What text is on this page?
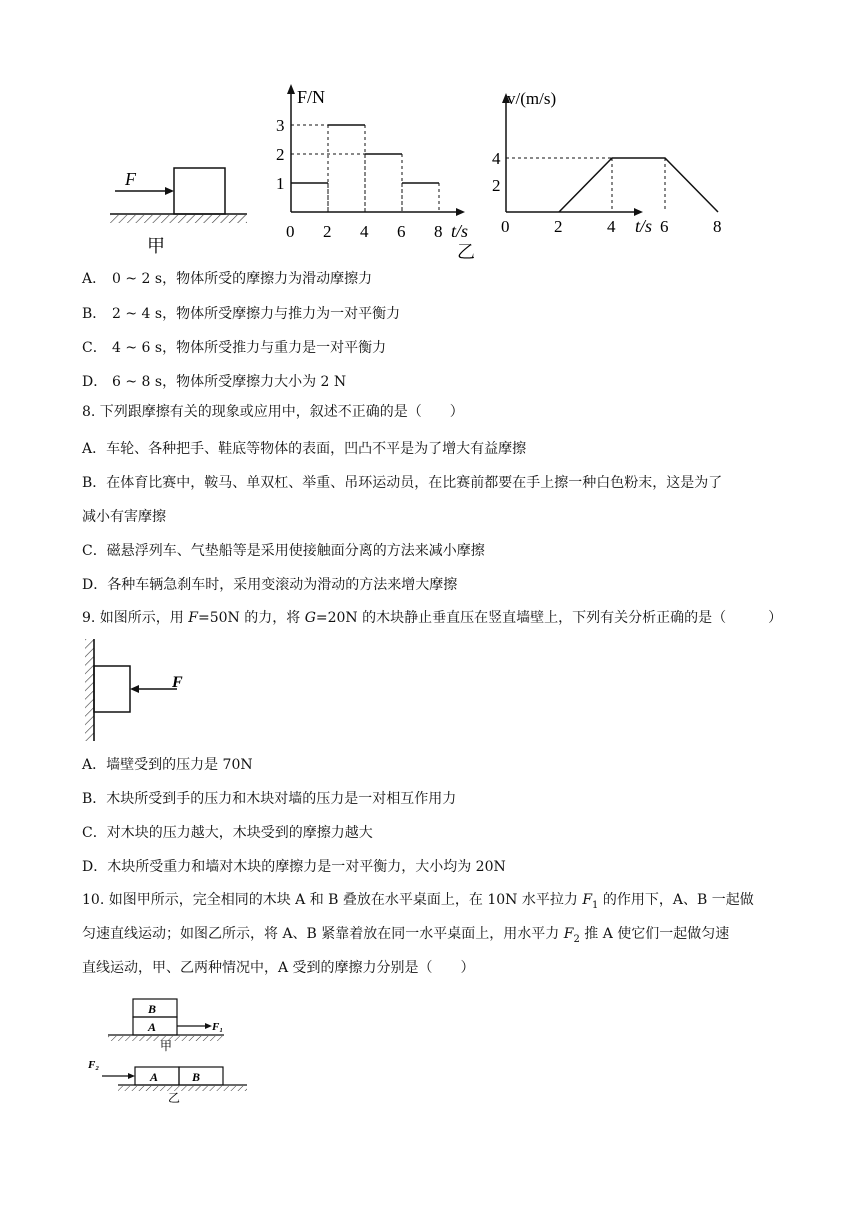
F
甲
1
2
3
0 2 4 6 8
F/N
t/s
乙
2
4
0	2	4	6	8
v/(m/s)
t/s
A． 0 ~ 2 s，物体所受的摩擦力为滑动摩擦力
B． 2 ~ 4 s，物体所受摩擦力与推力为一对平衡力
C． 4 ~ 6 s，物体所受推力与重力是一对平衡力
D． 6 ~ 8 s，物体所受摩擦力大小为 2 N
8. 下列跟摩擦有关的现象或应用中，叙述不正确的是（　　）
A．车轮、各种把手、鞋底等物体的表面，凹凸不平是为了增大有益摩擦
B．在体育比赛中，鞍马、单双杠、举重、吊环运动员，在比赛前都要在手上擦一种白色粉末，这是为了
减小有害摩擦
C．磁悬浮列车、气垫船等是采用使接触面分离的方法来减小摩擦
D．各种车辆急刹车时，采用变滚动为滑动的方法来增大摩擦
9. 如图所示，用 F=50N 的力，将 G=20N 的木块静止垂直压在竖直墙壁上，下列有关分析正确的是（　　　）
F
A．墙壁受到的压力是 70N
B．木块所受到手的压力和木块对墙的压力是一对相互作用力
C．对木块的压力越大，木块受到的摩擦力越大
D．木块所受重力和墙对木块的摩擦力是一对平衡力，大小均为 20N
10. 如图甲所示，完全相同的木块 A 和 B 叠放在水平桌面上，在 10N 水平拉力 $F_1$ 的作用下，A、B 一起做
匀速直线运动；如图乙所示，将 A、B 紧靠着放在同一水平桌面上，用水平力 $F_2$ 推 A 使它们一起做匀速
直线运动，甲、乙两种情况中，A 受到的摩擦力分别是（　　）
B
A	F₁
甲
A	B
F₂
乙
